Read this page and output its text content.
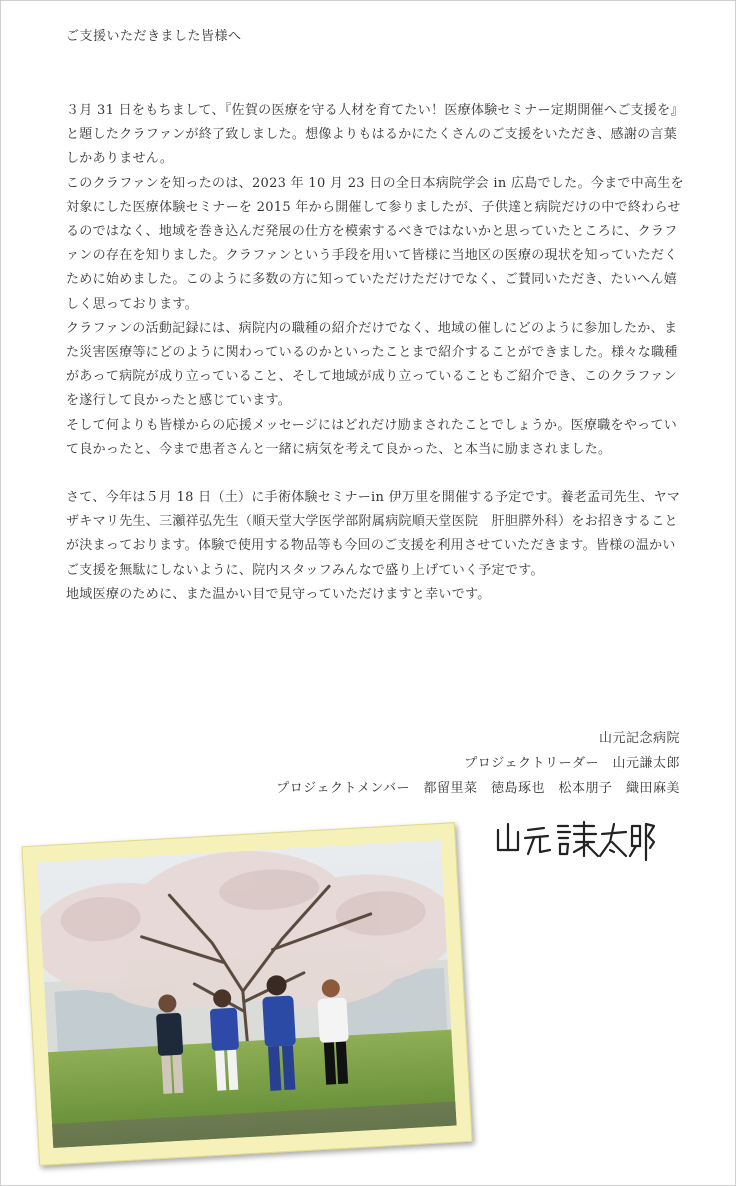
ご支援いただきました皆様へ

３月 31 日をもちまして、『佐賀の医療を守る人材を育てたい！医療体験セミナー定期開催へご支援を』と題したクラファンが終了致しました。想像よりもはるかにたくさんのご支援をいただき、感謝の言葉しかありません。

このクラファンを知ったのは、2023 年 10 月 23 日の全日本病院学会 in 広島でした。今まで中高生を対象にした医療体験セミナーを 2015 年から開催して参りましたが、子供達と病院だけの中で終わらせるのではなく、地域を巻き込んだ発展の仕方を模索するべきではないかと思っていたところに、クラファンの存在を知りました。クラファンという手段を用いて皆様に当地区の医療の現状を知っていただくために始めました。このように多数の方に知っていただけただけでなく、ご賛同いただき、たいへん嬉しく思っております。

クラファンの活動記録には、病院内の職種の紹介だけでなく、地域の催しにどのように参加したか、また災害医療等にどのように関わっているのかといったことまで紹介することができました。様々な職種があって病院が成り立っていること、そして地域が成り立っていることもご紹介でき、このクラファンを遂行して良かったと感じています。

そして何よりも皆様からの応援メッセージにはどれだけ励まされたことでしょうか。医療職をやっていて良かったと、今まで患者さんと一緒に病気を考えて良かった、と本当に励まされました。

さて、今年は５月 18 日（土）に手術体験セミナーin 伊万里を開催する予定です。養老孟司先生、ヤマザキマリ先生、三瀬祥弘先生（順天堂大学医学部附属病院順天堂医院　肝胆膵外科）をお招きすることが決まっております。体験で使用する物品等も今回のご支援を利用させていただきます。皆様の温かいご支援を無駄にしないように、院内スタッフみんなで盛り上げていく予定です。

地域医療のために、また温かい目で見守っていただけますと幸いです。

山元記念病院
プロジェクトリーダー　山元謙太郎
プロジェクトメンバー　都留里菜　徳島琢也　松本朋子　織田麻美
